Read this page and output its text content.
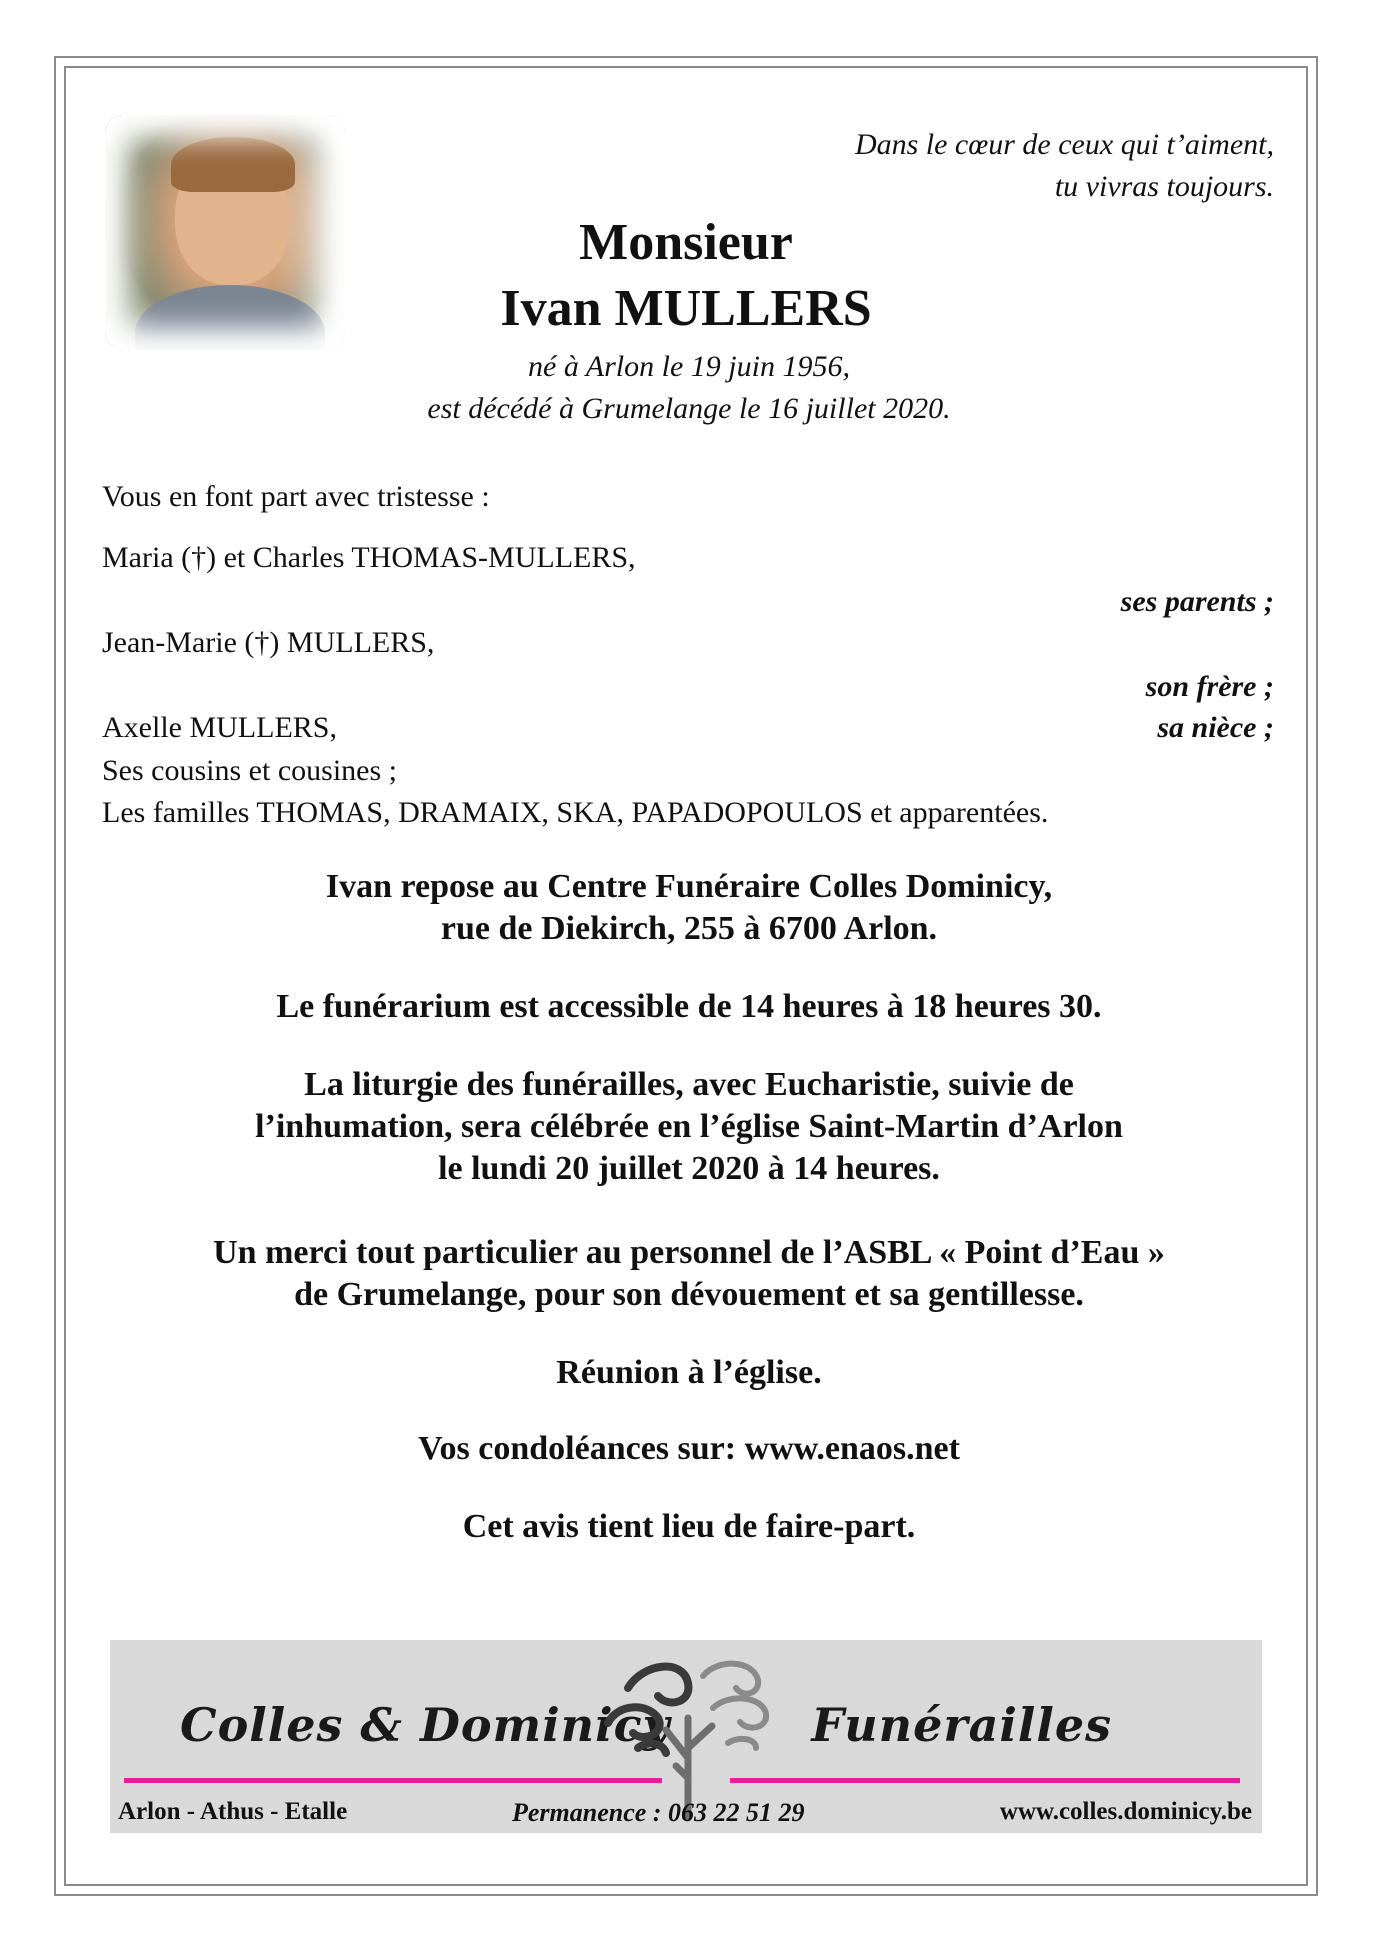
Dans le cœur de ceux qui t’aiment,
tu vivras toujours.
Monsieur
Ivan MULLERS
né à Arlon le 19 juin 1956,
est décédé à Grumelange le 16 juillet 2020.
Vous en font part avec tristesse :
Maria (†) et Charles THOMAS-MULLERS,
ses parents ;
Jean-Marie (†) MULLERS,
son frère ;
Axelle MULLERS,	sa nièce ;
Ses cousins et cousines ;
Les familles THOMAS, DRAMAIX, SKA, PAPADOPOULOS et apparentées.
Ivan repose au Centre Funéraire Colles Dominicy,
rue de Diekirch, 255 à 6700 Arlon.
Le funérarium est accessible de 14 heures à 18 heures 30.
La liturgie des funérailles, avec Eucharistie, suivie de
l’inhumation, sera célébrée en l’église Saint-Martin d’Arlon
le lundi 20 juillet 2020 à 14 heures.
Un merci tout particulier au personnel de l’ASBL « Point d’Eau »
de Grumelange, pour son dévouement et sa gentillesse.
Réunion à l’église.
Vos condoléances sur: www.enaos.net
Cet avis tient lieu de faire-part.
Colles & Dominicy	Funérailles
Arlon - Athus - Etalle	Permanence : 063 22 51 29	www.colles.dominicy.be
